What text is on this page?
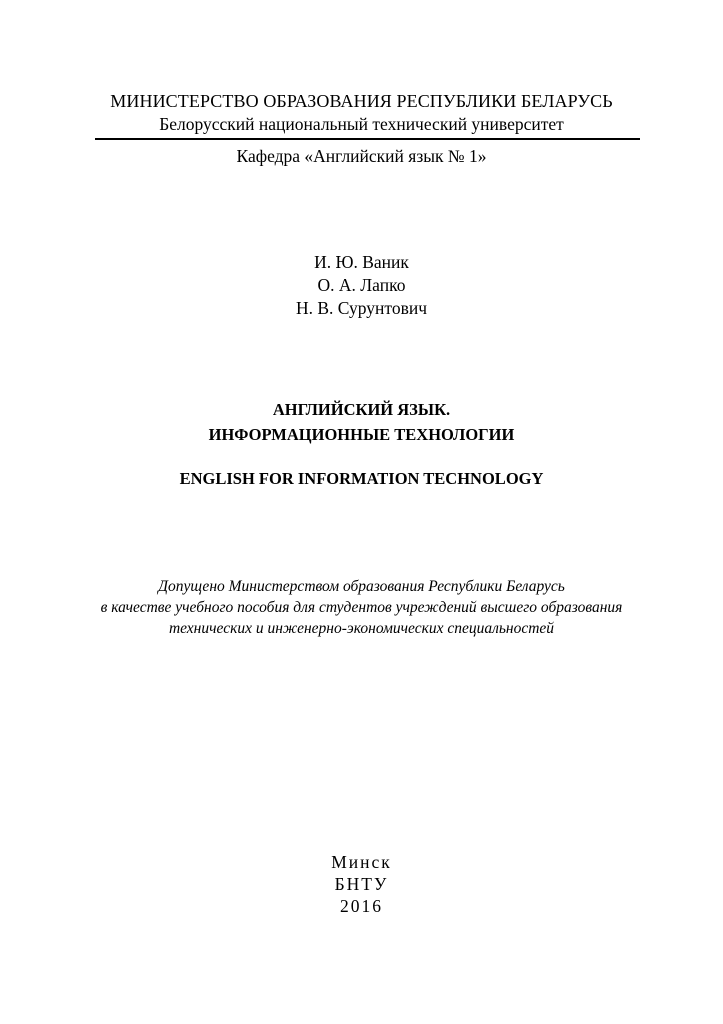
МИНИСТЕРСТВО ОБРАЗОВАНИЯ РЕСПУБЛИКИ БЕЛАРУСЬ
Белорусский национальный технический университет
Кафедра «Английский язык № 1»
И. Ю. Ваник
О. А. Лапко
Н. В. Сурунтович
АНГЛИЙСКИЙ ЯЗЫК.
ИНФОРМАЦИОННЫЕ ТЕХНОЛОГИИ
ENGLISH FOR INFORMATION TECHNOLOGY
Допущено Министерством образования Республики Беларусь
в качестве учебного пособия для студентов учреждений высшего образования
технических и инженерно-экономических специальностей
Минск
БНТУ
2016
